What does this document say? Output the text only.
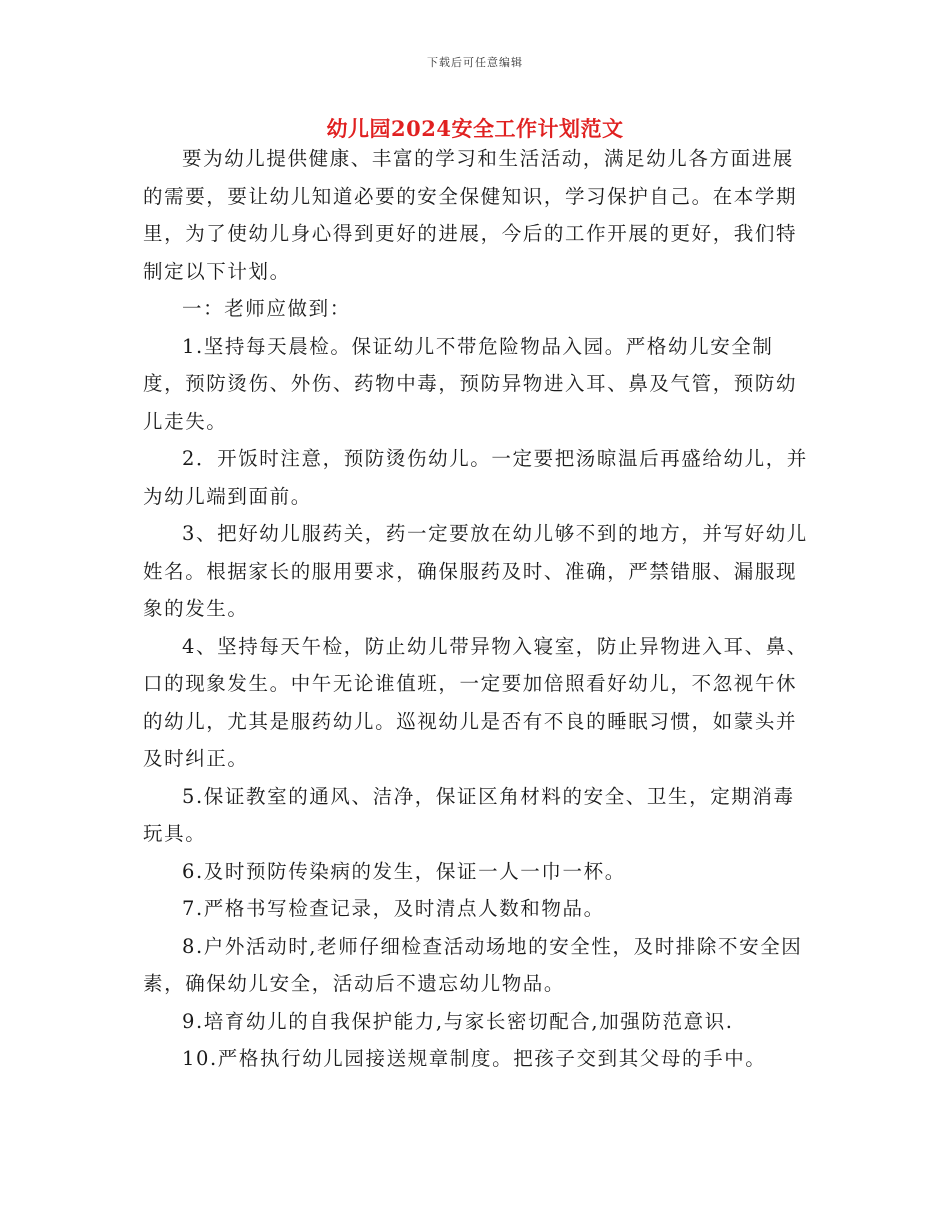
下载后可任意编辑
幼儿园2024安全工作计划范文

要为幼儿提供健康、丰富的学习和生活活动，满足幼儿各方面进展的需要，要让幼儿知道必要的安全保健知识，学习保护自己。在本学期里，为了使幼儿身心得到更好的进展，今后的工作开展的更好，我们特制定以下计划。

一：老师应做到：

1.坚持每天晨检。保证幼儿不带危险物品入园。严格幼儿安全制度，预防烫伤、外伤、药物中毒，预防异物进入耳、鼻及气管，预防幼儿走失。

2．开饭时注意，预防烫伤幼儿。一定要把汤晾温后再盛给幼儿，并为幼儿端到面前。

3、把好幼儿服药关，药一定要放在幼儿够不到的地方，并写好幼儿姓名。根据家长的服用要求，确保服药及时、准确，严禁错服、漏服现象的发生。

4、坚持每天午检，防止幼儿带异物入寝室，防止异物进入耳、鼻、口的现象发生。中午无论谁值班，一定要加倍照看好幼儿，不忽视午休的幼儿，尤其是服药幼儿。巡视幼儿是否有不良的睡眠习惯，如蒙头并及时纠正。

5.保证教室的通风、洁净，保证区角材料的安全、卫生，定期消毒玩具。

6.及时预防传染病的发生，保证一人一巾一杯。

7.严格书写检查记录，及时清点人数和物品。

8.户外活动时,老师仔细检查活动场地的安全性，及时排除不安全因素，确保幼儿安全，活动后不遗忘幼儿物品。

9.培育幼儿的自我保护能力,与家长密切配合,加强防范意识.

10.严格执行幼儿园接送规章制度。把孩子交到其父母的手中。
